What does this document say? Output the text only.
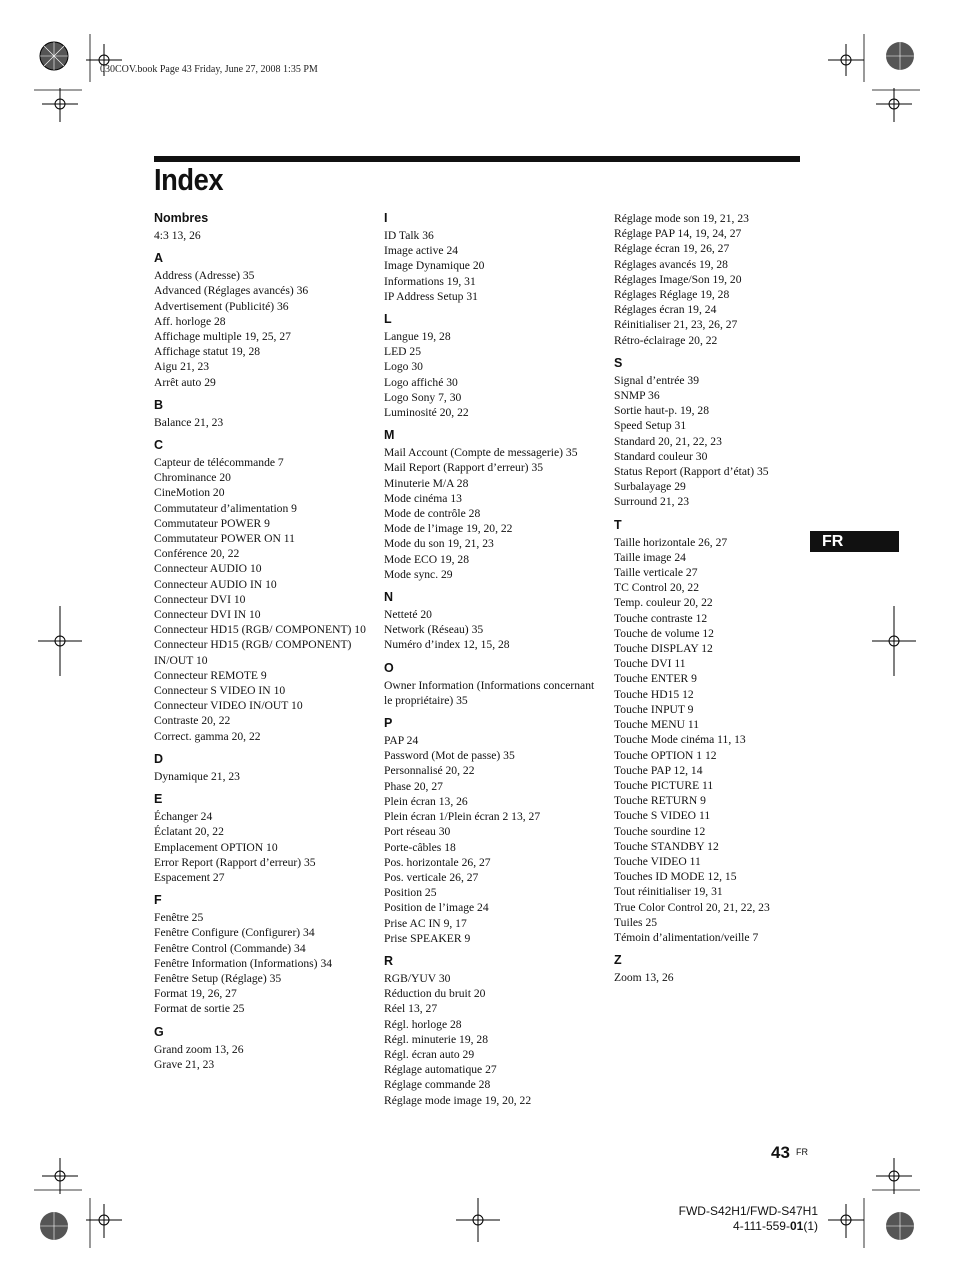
030COV.book Page 43 Friday, June 27, 2008 1:35 PM
Index
Nombres
4:3 13, 26
A
Address (Adresse) 35
Advanced (Réglages avancés) 36
Advertisement (Publicité) 36
Aff. horloge 28
Affichage multiple 19, 25, 27
Affichage statut 19, 28
Aigu 21, 23
Arrêt auto 29
B
Balance 21, 23
C
Capteur de télécommande 7
Chrominance 20
CineMotion 20
Commutateur d’alimentation 9
Commutateur POWER 9
Commutateur POWER ON 11
Conférence 20, 22
Connecteur AUDIO 10
Connecteur AUDIO IN 10
Connecteur DVI 10
Connecteur DVI IN 10
Connecteur HD15 (RGB/ COMPONENT) 10
Connecteur HD15 (RGB/ COMPONENT) IN/OUT 10
Connecteur REMOTE 9
Connecteur S VIDEO IN 10
Connecteur VIDEO IN/OUT 10
Contraste 20, 22
Correct. gamma 20, 22
D
Dynamique 21, 23
E
Échanger 24
Éclatant 20, 22
Emplacement OPTION 10
Error Report (Rapport d’erreur) 35
Espacement 27
F
Fenêtre 25
Fenêtre Configure (Configurer) 34
Fenêtre Control (Commande) 34
Fenêtre Information (Informations) 34
Fenêtre Setup (Réglage) 35
Format 19, 26, 27
Format de sortie 25
G
Grand zoom 13, 26
Grave 21, 23
I
ID Talk 36
Image active 24
Image Dynamique 20
Informations 19, 31
IP Address Setup 31
L
Langue 19, 28
LED 25
Logo 30
Logo affiché 30
Logo Sony 7, 30
Luminosité 20, 22
M
Mail Account (Compte de messagerie) 35
Mail Report (Rapport d’erreur) 35
Minuterie M/A 28
Mode cinéma 13
Mode de contrôle 28
Mode de l’image 19, 20, 22
Mode du son 19, 21, 23
Mode ECO 19, 28
Mode sync. 29
N
Netteté 20
Network (Réseau) 35
Numéro d’index 12, 15, 28
O
Owner Information (Informations concernant le propriétaire) 35
P
PAP 24
Password (Mot de passe) 35
Personnalisé 20, 22
Phase 20, 27
Plein écran 13, 26
Plein écran 1/Plein écran 2 13, 27
Port réseau 30
Porte-câbles 18
Pos. horizontale 26, 27
Pos. verticale 26, 27
Position 25
Position de l’image 24
Prise AC IN 9, 17
Prise SPEAKER 9
R
RGB/YUV 30
Réduction du bruit 20
Réel 13, 27
Régl. horloge 28
Régl. minuterie 19, 28
Régl. écran auto 29
Réglage automatique 27
Réglage commande 28
Réglage mode image 19, 20, 22
Réglage mode son 19, 21, 23
Réglage PAP 14, 19, 24, 27
Réglage écran 19, 26, 27
Réglages avancés 19, 28
Réglages Image/Son 19, 20
Réglages Réglage 19, 28
Réglages écran 19, 24
Réinitialiser 21, 23, 26, 27
Rétro-éclairage 20, 22
S
Signal d’entrée 39
SNMP 36
Sortie haut-p. 19, 28
Speed Setup 31
Standard 20, 21, 22, 23
Standard couleur 30
Status Report (Rapport d’état) 35
Surbalayage 29
Surround 21, 23
T
Taille horizontale 26, 27
Taille image 24
Taille verticale 27
TC Control 20, 22
Temp. couleur 20, 22
Touche contraste 12
Touche de volume 12
Touche DISPLAY 12
Touche DVI 11
Touche ENTER 9
Touche HD15 12
Touche INPUT 9
Touche MENU 11
Touche Mode cinéma 11, 13
Touche OPTION 1 12
Touche PAP 12, 14
Touche PICTURE 11
Touche RETURN 9
Touche S VIDEO 11
Touche sourdine 12
Touche STANDBY 12
Touche VIDEO 11
Touches ID MODE 12, 15
Tout réinitialiser 19, 31
True Color Control 20, 21, 22, 23
Tuiles 25
Témoin d’alimentation/veille 7
Z
Zoom 13, 26
FR
43 FR
FWD-S42H1/FWD-S47H1
4-111-559-01(1)
